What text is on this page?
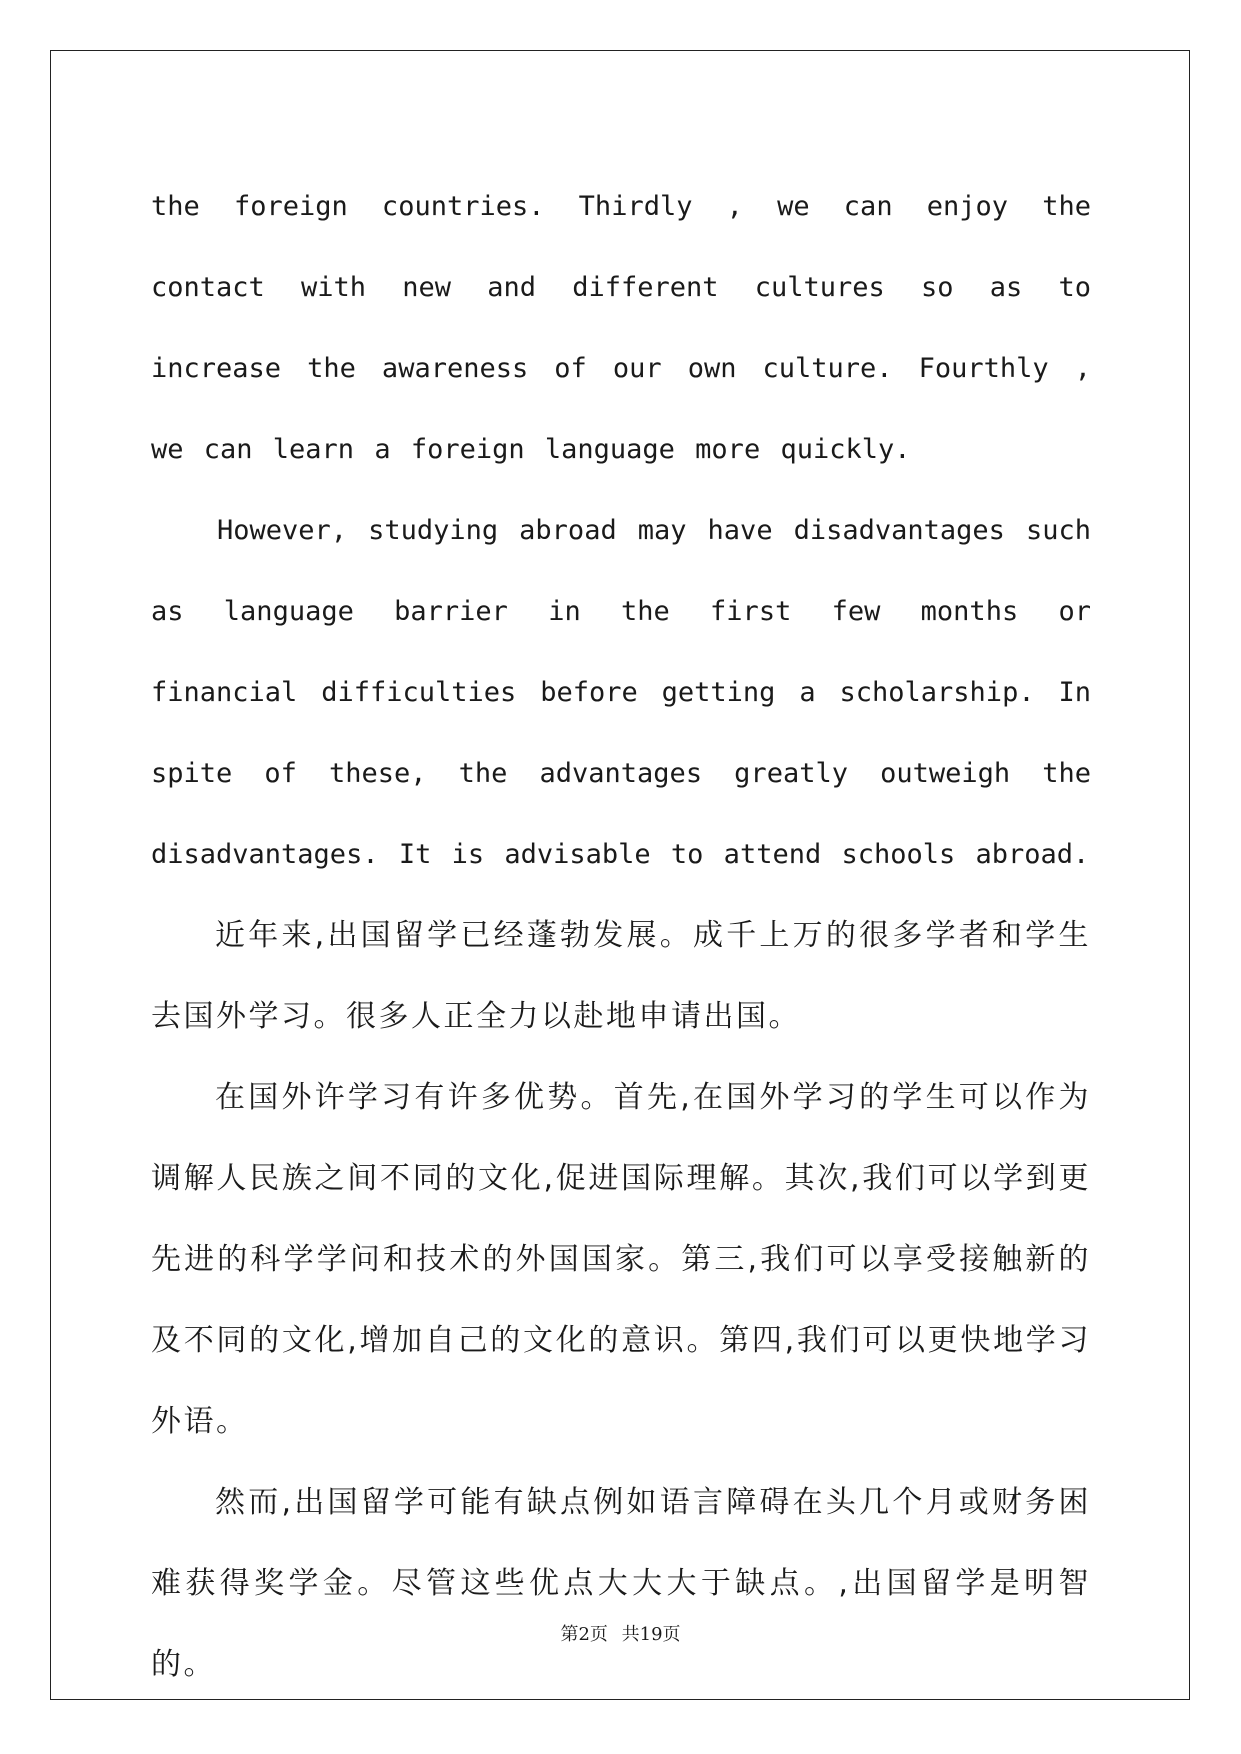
the foreign countries. Thirdly , we can enjoy the contact with new and different cultures so as to increase the awareness of our own culture. Fourthly , we can learn a foreign language more quickly.

However, studying abroad may have disadvantages such as language barrier in the first few months or financial difficulties before getting a scholarship. In spite of these, the advantages greatly outweigh the disadvantages. It is advisable to attend schools abroad.

近年来,出国留学已经蓬勃发展。成千上万的很多学者和学生去国外学习。很多人正全力以赴地申请出国。

在国外许学习有许多优势。首先,在国外学习的学生可以作为调解人民族之间不同的文化,促进国际理解。其次,我们可以学到更先进的科学学问和技术的外国国家。第三,我们可以享受接触新的及不同的文化,增加自己的文化的意识。第四,我们可以更快地学习外语。

然而,出国留学可能有缺点例如语言障碍在头几个月或财务困难获得奖学金。尽管这些优点大大大于缺点。,出国留学是明智的。

第2页 共19页
